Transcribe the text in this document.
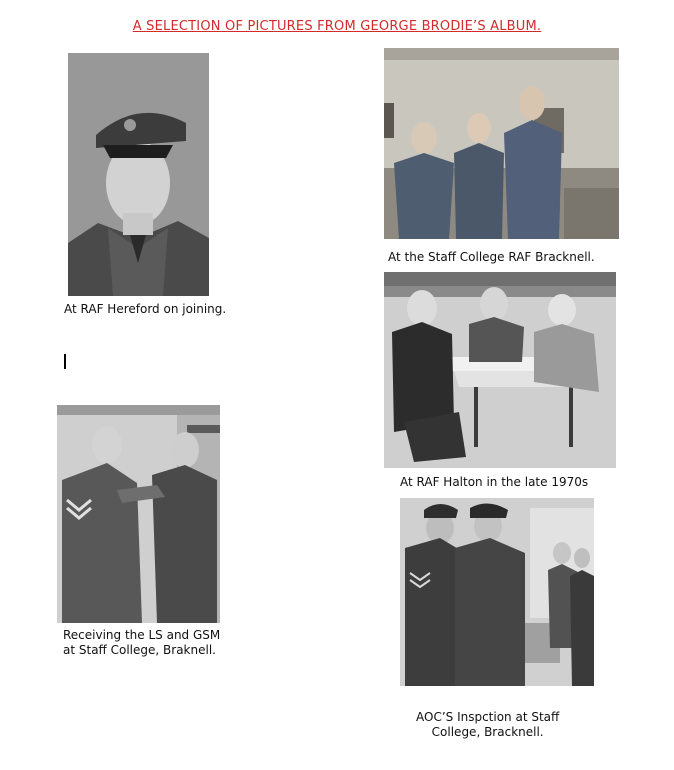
A SELECTION OF PICTURES FROM GEORGE BRODIE’S ALBUM.
At RAF Hereford on joining.
At the Staff College RAF Bracknell.
At RAF Halton in the late 1970s
Receiving the LS and GSM
at Staff College, Braknell.
AOC’S Inspction at Staff
College, Bracknell.
